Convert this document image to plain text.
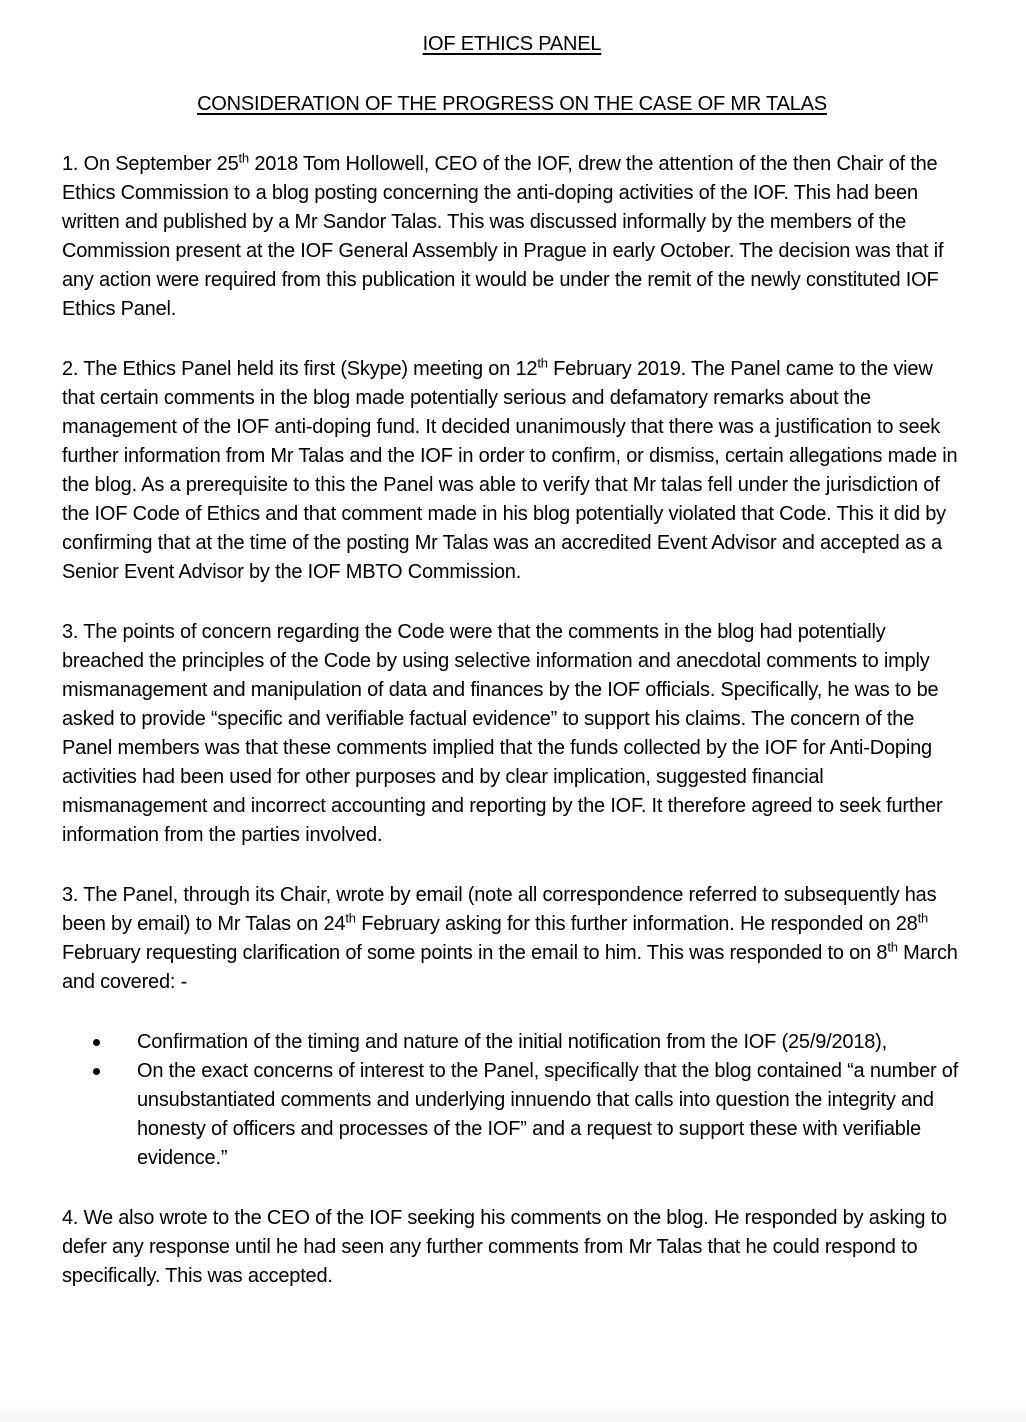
IOF ETHICS PANEL
CONSIDERATION OF THE PROGRESS ON THE CASE OF MR TALAS

1. On September 25th 2018 Tom Hollowell, CEO of the IOF, drew the attention of the then Chair of the Ethics Commission to a blog posting concerning the anti-doping activities of the IOF. This had been written and published by a Mr Sandor Talas. This was discussed informally by the members of the Commission present at the IOF General Assembly in Prague in early October. The decision was that if any action were required from this publication it would be under the remit of the newly constituted IOF Ethics Panel.

2. The Ethics Panel held its first (Skype) meeting on 12th February 2019. The Panel came to the view that certain comments in the blog made potentially serious and defamatory remarks about the management of the IOF anti-doping fund. It decided unanimously that there was a justification to seek further information from Mr Talas and the IOF in order to confirm, or dismiss, certain allegations made in the blog. As a prerequisite to this the Panel was able to verify that Mr talas fell under the jurisdiction of the IOF Code of Ethics and that comment made in his blog potentially violated that Code. This it did by confirming that at the time of the posting Mr Talas was an accredited Event Advisor and accepted as a Senior Event Advisor by the IOF MBTO Commission.

3. The points of concern regarding the Code were that the comments in the blog had potentially breached the principles of the Code by using selective information and anecdotal comments to imply mismanagement and manipulation of data and finances by the IOF officials. Specifically, he was to be asked to provide “specific and verifiable factual evidence” to support his claims. The concern of the Panel members was that these comments implied that the funds collected by the IOF for Anti-Doping activities had been used for other purposes and by clear implication, suggested financial mismanagement and incorrect accounting and reporting by the IOF. It therefore agreed to seek further information from the parties involved.

3. The Panel, through its Chair, wrote by email (note all correspondence referred to subsequently has been by email) to Mr Talas on 24th February asking for this further information. He responded on 28th February requesting clarification of some points in the email to him. This was responded to on 8th March and covered: -

Confirmation of the timing and nature of the initial notification from the IOF (25/9/2018),
On the exact concerns of interest to the Panel, specifically that the blog contained “a number of unsubstantiated comments and underlying innuendo that calls into question the integrity and honesty of officers and processes of the IOF” and a request to support these with verifiable evidence.”

4. We also wrote to the CEO of the IOF seeking his comments on the blog. He responded by asking to defer any response until he had seen any further comments from Mr Talas that he could respond to specifically. This was accepted.
